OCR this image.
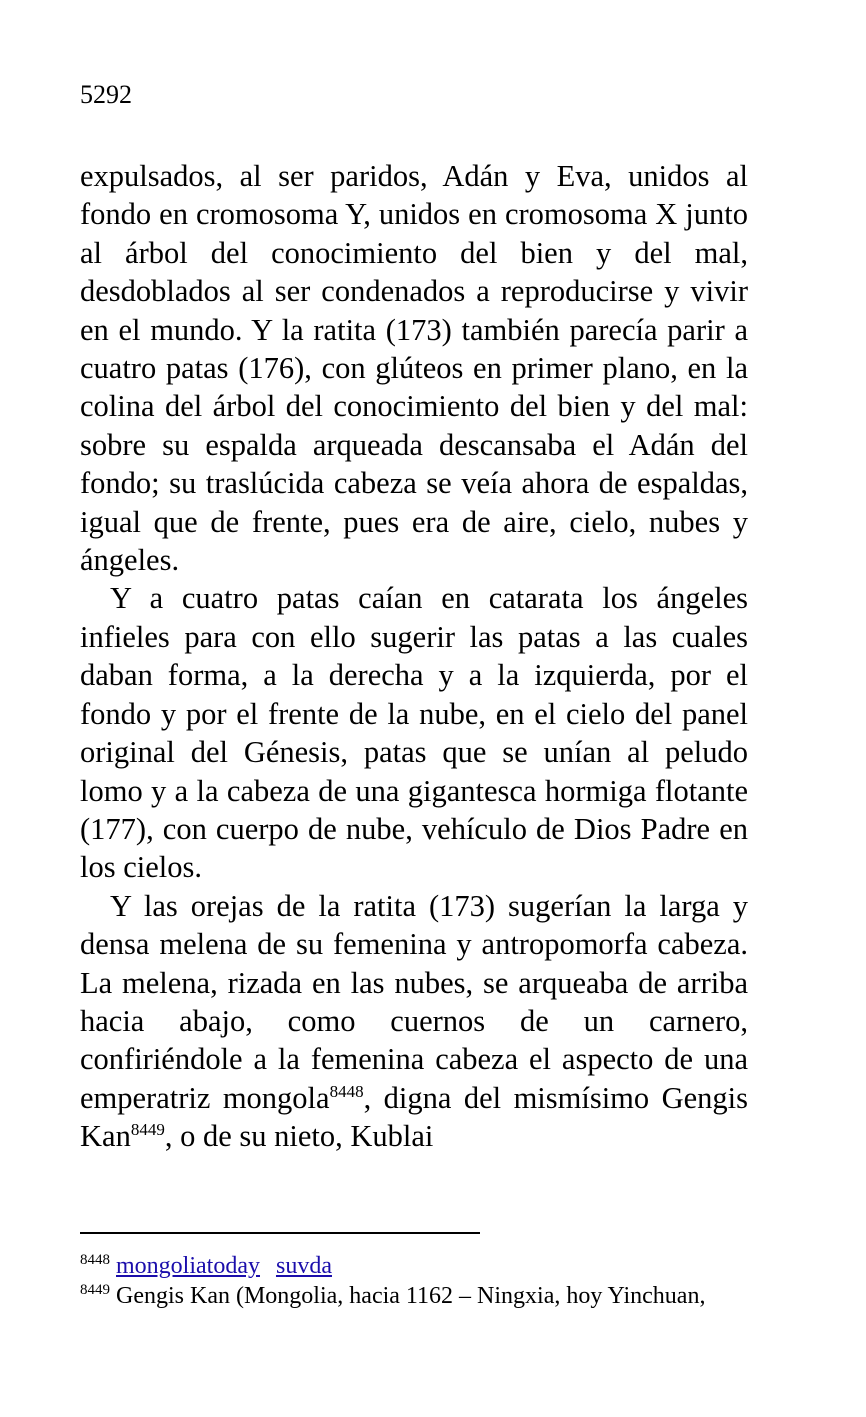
5292

expulsados, al ser paridos, Adán y Eva, unidos al fondo en cromosoma Y, unidos en cromosoma X junto al árbol del conocimiento del bien y del mal, desdoblados al ser condenados a reproducirse y vivir en el mundo. Y la ratita (173) también parecía parir a cuatro patas (176), con glúteos en primer plano, en la colina del árbol del conocimiento del bien y del mal: sobre su espalda arqueada descansaba el Adán del fondo; su traslúcida cabeza se veía ahora de espaldas, igual que de frente, pues era de aire, cielo, nubes y ángeles.

Y a cuatro patas caían en catarata los ángeles infieles para con ello sugerir las patas a las cuales daban forma, a la derecha y a la izquierda, por el fondo y por el frente de la nube, en el cielo del panel original del Génesis, patas que se unían al peludo lomo y a la cabeza de una gigantesca hormiga flotante (177), con cuerpo de nube, vehículo de Dios Padre en los cielos.

Y las orejas de la ratita (173) sugerían la larga y densa melena de su femenina y antropomorfa cabeza. La melena, rizada en las nubes, se arqueaba de arriba hacia abajo, como cuernos de un carnero, confiriéndole a la femenina cabeza el aspecto de una emperatriz mongola$^{8448}$, digna del mismísimo Gengis Kan$^{8449}$, o de su nieto, Kublai

$^{8448}$ mongoliatoday suvda

$^{8449}$ Gengis Kan (Mongolia, hacia 1162 – Ningxia, hoy Yinchuan,
